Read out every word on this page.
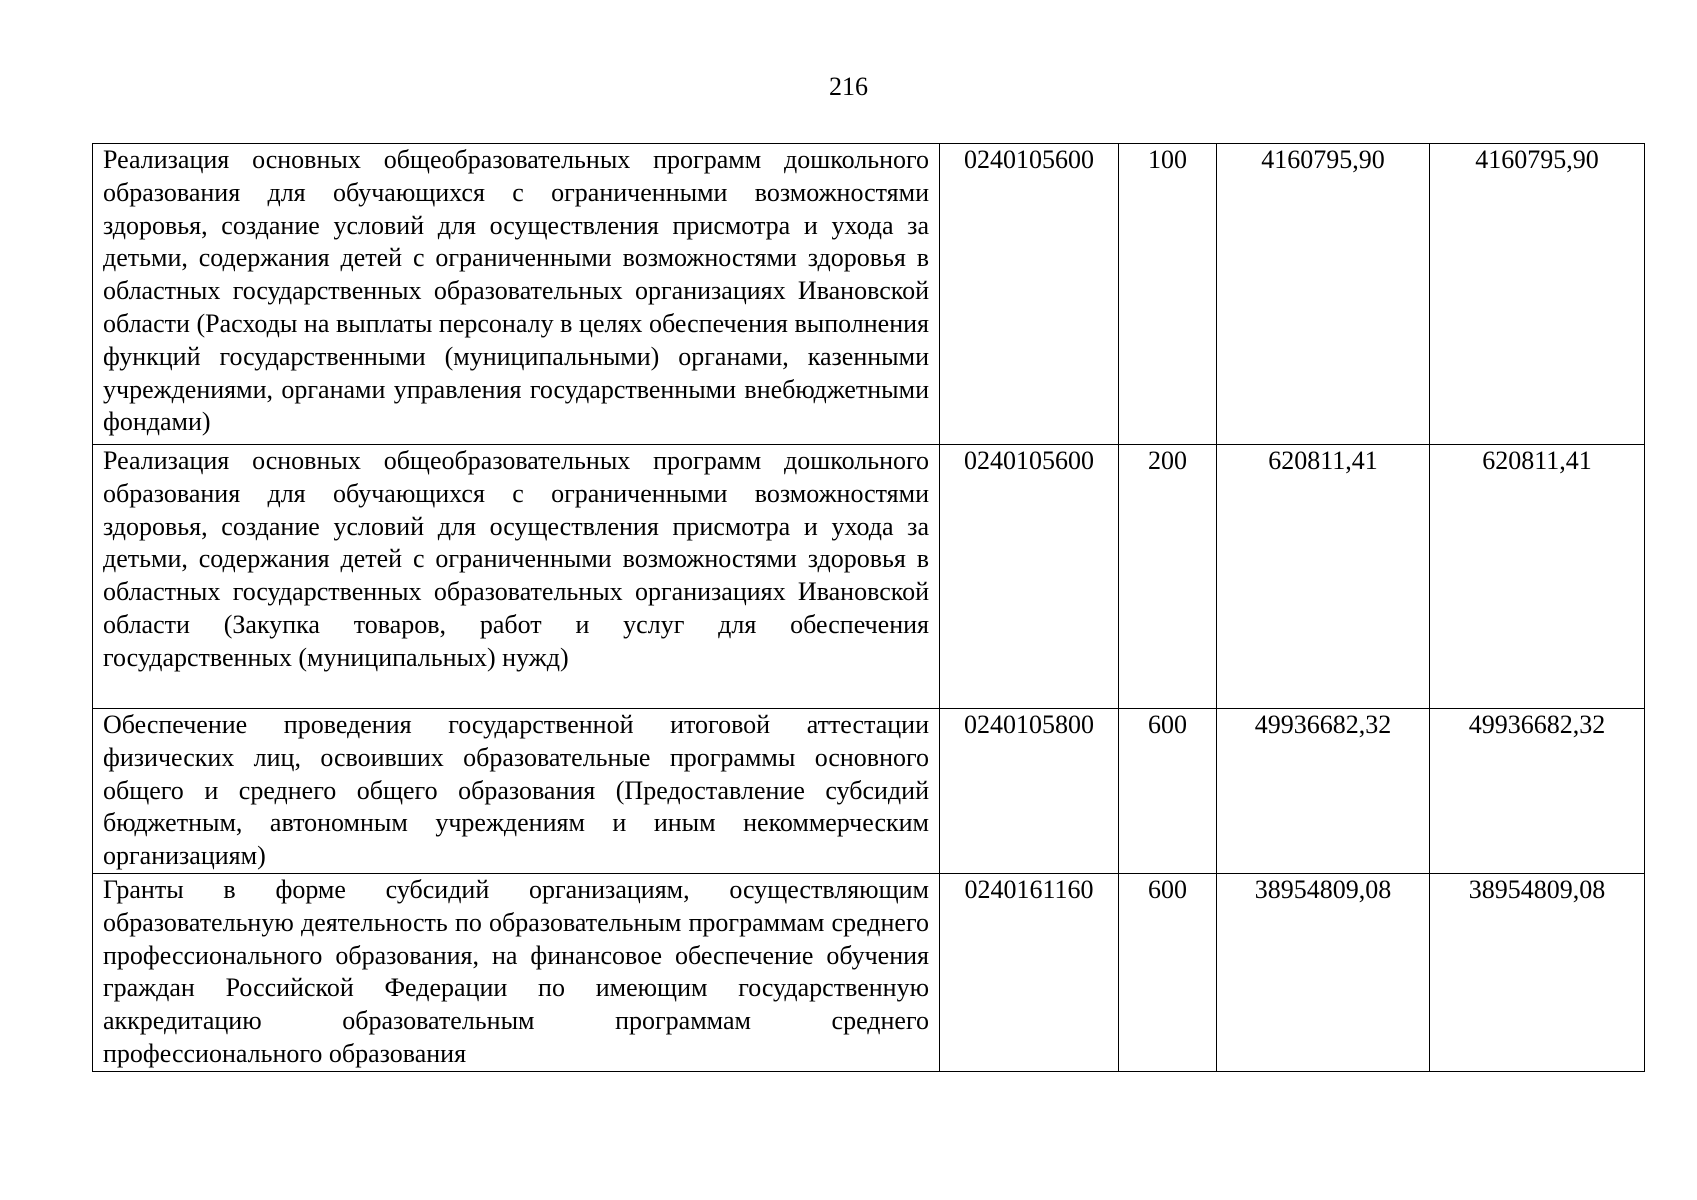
216
Реализация основных общеобразовательных программ дошкольного образования для обучающихся с ограниченными возможностями здоровья, создание условий для осуществления присмотра и ухода за детьми, содержания детей с ограниченными возможностями здоровья в областных государственных образовательных организациях Ивановской области (Расходы на выплаты персоналу в целях обеспечения выполнения функций государственными (муниципальными) органами, казенными учреждениями, органами управления государственными внебюджетными фондами)	0240105600	100	4160795,90	4160795,90
Реализация основных общеобразовательных программ дошкольного образования для обучающихся с ограниченными возможностями здоровья, создание условий для осуществления присмотра и ухода за детьми, содержания детей с ограниченными возможностями здоровья в областных государственных образовательных организациях Ивановской области (Закупка товаров, работ и услуг для обеспечения государственных (муниципальных) нужд)	0240105600	200	620811,41	620811,41
Обеспечение проведения государственной итоговой аттестации физических лиц, освоивших образовательные программы основного общего и среднего общего образования (Предоставление субсидий бюджетным, автономным учреждениям и иным некоммерческим организациям)	0240105800	600	49936682,32	49936682,32
Гранты в форме субсидий организациям, осуществляющим образовательную деятельность по образовательным программам среднего профессионального образования, на финансовое обеспечение обучения граждан Российской Федерации по имеющим государственную аккредитацию образовательным программам среднего профессионального образования	0240161160	600	38954809,08	38954809,08
